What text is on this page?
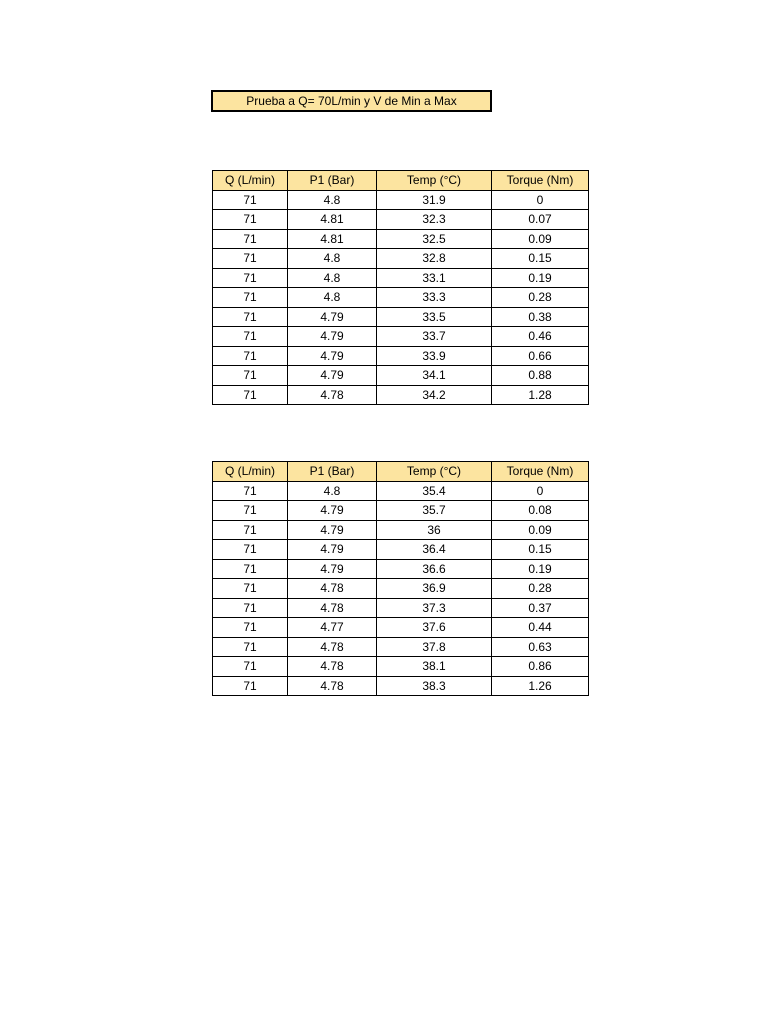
Prueba a Q= 70L/min y V de Min a Max
Q (L/min)	P1 (Bar)	Temp (°C)	Torque (Nm)
71	4.8	31.9	0
71	4.81	32.3	0.07
71	4.81	32.5	0.09
71	4.8	32.8	0.15
71	4.8	33.1	0.19
71	4.8	33.3	0.28
71	4.79	33.5	0.38
71	4.79	33.7	0.46
71	4.79	33.9	0.66
71	4.79	34.1	0.88
71	4.78	34.2	1.28
Q (L/min)	P1 (Bar)	Temp (°C)	Torque (Nm)
71	4.8	35.4	0
71	4.79	35.7	0.08
71	4.79	36	0.09
71	4.79	36.4	0.15
71	4.79	36.6	0.19
71	4.78	36.9	0.28
71	4.78	37.3	0.37
71	4.77	37.6	0.44
71	4.78	37.8	0.63
71	4.78	38.1	0.86
71	4.78	38.3	1.26
